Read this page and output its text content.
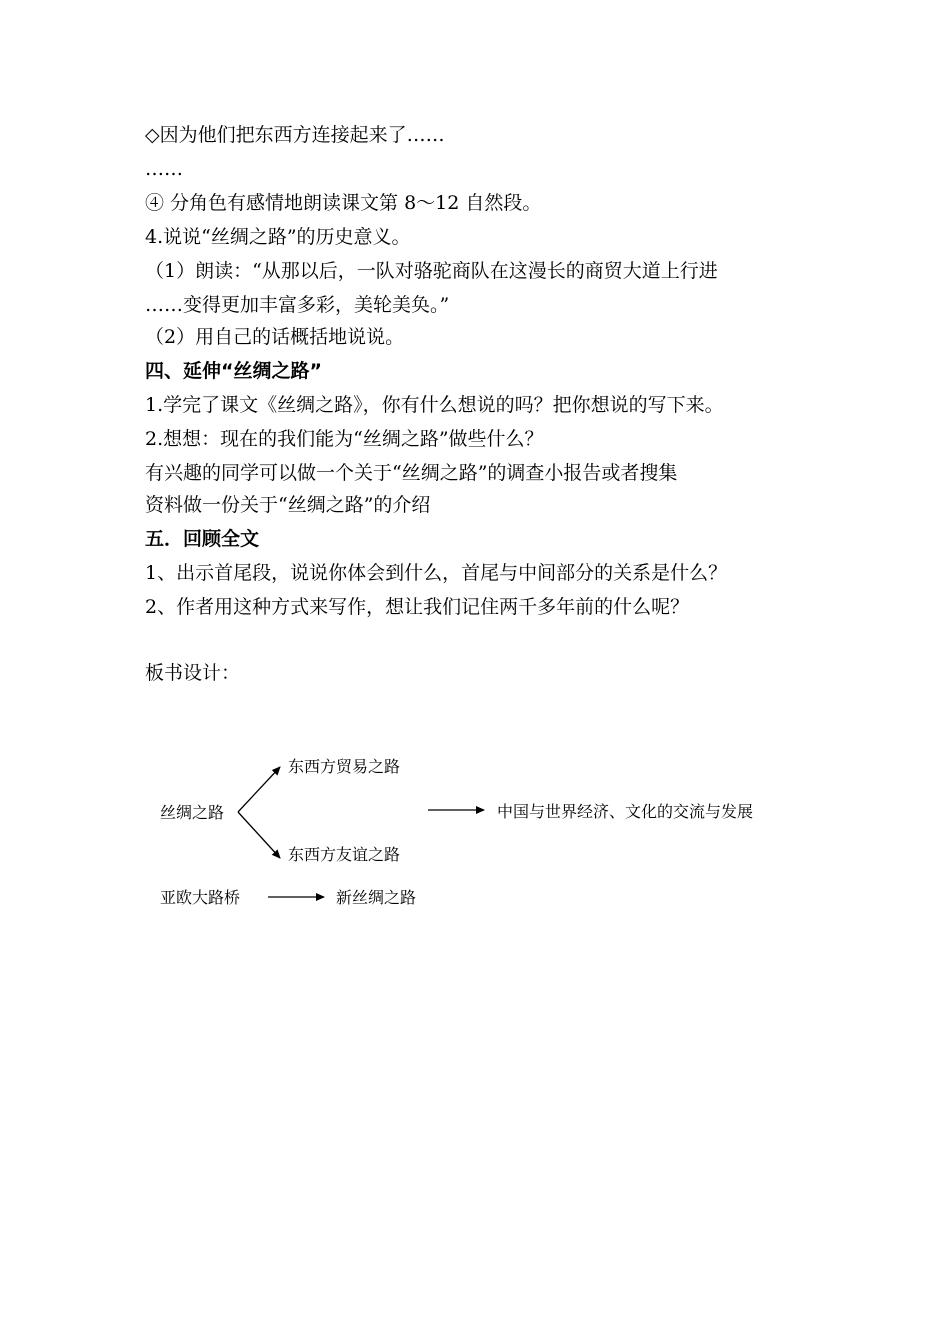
◇因为他们把东西方连接起来了……
……
④ 分角色有感情地朗读课文第 8～12 自然段。
4.说说“丝绸之路”的历史意义。
（1）朗读：“从那以后，一队对骆驼商队在这漫长的商贸大道上行进
……变得更加丰富多彩，美轮美奂。”
（2）用自己的话概括地说说。
四、延伸“丝绸之路”
1.学完了课文《丝绸之路》，你有什么想说的吗？把你想说的写下来。
2.想想：现在的我们能为“丝绸之路”做些什么？
有兴趣的同学可以做一个关于“丝绸之路”的调查小报告或者搜集
资料做一份关于“丝绸之路”的介绍
五．回顾全文
1、出示首尾段，说说你体会到什么，首尾与中间部分的关系是什么？
2、作者用这种方式来写作，想让我们记住两千多年前的什么呢？
板书设计：
丝绸之路
东西方贸易之路
东西方友谊之路
中国与世界经济、文化的交流与发展
亚欧大路桥	新丝绸之路
